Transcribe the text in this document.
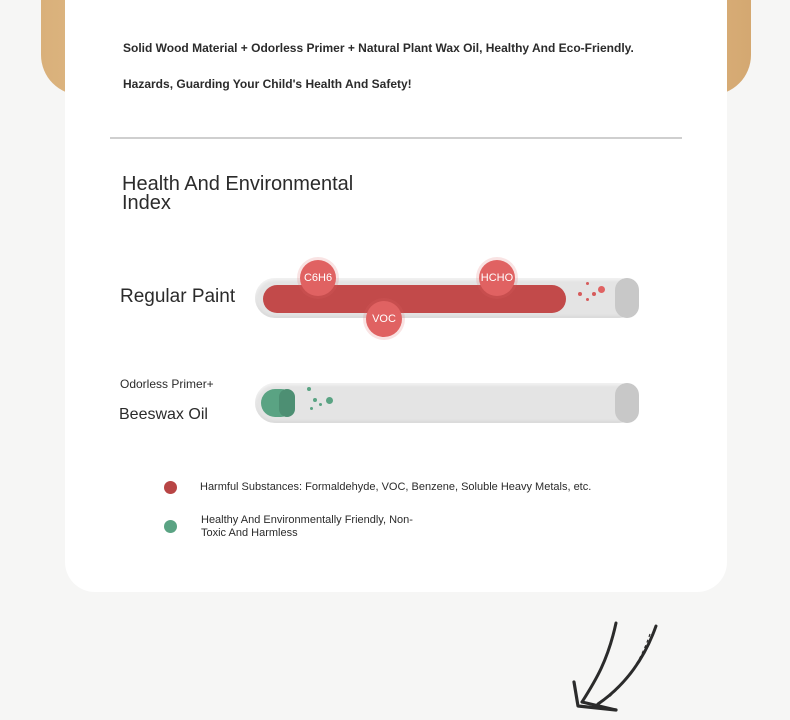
Solid Wood Material + Odorless Primer + Natural Plant Wax Oil, Healthy And Eco-Friendly.
Hazards, Guarding Your Child's Health And Safety!
Health And Environmental Index
Regular Paint
C6H6	HCHO
VOC
Odorless Primer+
Beeswax Oil
Harmful Substances: Formaldehyde, VOC, Benzene, Soluble Heavy Metals, etc.
Healthy And Environmentally Friendly, Non-Toxic And Harmless
